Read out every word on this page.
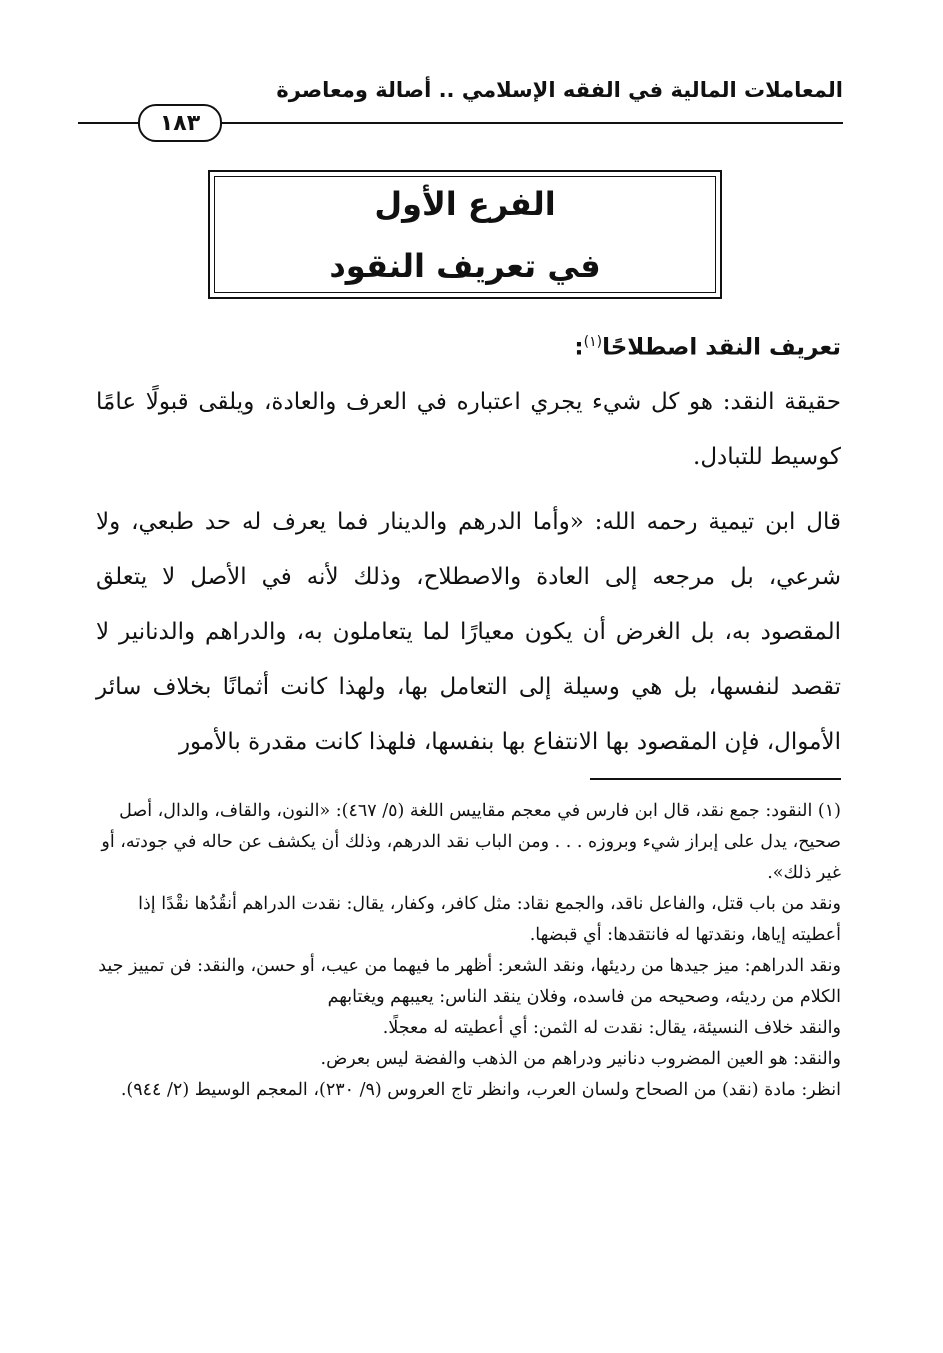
المعاملات المالية في الفقه الإسلامي .. أصالة ومعاصرة
١٨٣
الفرع الأول
في تعريف النقود
تعريف النقد اصطلاحًا$^{(١)}$:
حقيقة النقد: هو كل شيء يجري اعتباره في العرف والعادة، ويلقى قبولًا عامًا كوسيط للتبادل.
قال ابن تيمية رحمه الله: «وأما الدرهم والدينار فما يعرف له حد طبعي، ولا شرعي، بل مرجعه إلى العادة والاصطلاح، وذلك لأنه في الأصل لا يتعلق المقصود به، بل الغرض أن يكون معيارًا لما يتعاملون به، والدراهم والدنانير لا تقصد لنفسها، بل هي وسيلة إلى التعامل بها، ولهذا كانت أثمانًا بخلاف سائر الأموال، فإن المقصود بها الانتفاع بها بنفسها، فلهذا كانت مقدرة بالأمور

(١) النقود: جمع نقد، قال ابن فارس في معجم مقاييس اللغة (٥/ ٤٦٧): «النون، والقاف، والدال، أصل صحيح، يدل على إبراز شيء وبروزه . . . ومن الباب نقد الدرهم، وذلك أن يكشف عن حاله في جودته، أو غير ذلك».

ونقد من باب قتل، والفاعل ناقد، والجمع نقاد: مثل كافر، وكفار، يقال: نقدت الدراهم أنقُدُها نقْدًا إذا أعطيته إياها، ونقدتها له فانتقدها: أي قبضها.

ونقد الدراهم: ميز جيدها من رديئها، ونقد الشعر: أظهر ما فيهما من عيب، أو حسن، والنقد: فن تمييز جيد الكلام من رديئه، وصحيحه من فاسده، وفلان ينقد الناس: يعيبهم ويغتابهم

والنقد خلاف النسيئة، يقال: نقدت له الثمن: أي أعطيته له معجلًا.

والنقد: هو العين المضروب دنانير ودراهم من الذهب والفضة ليس بعرض.

انظر: مادة (نقد) من الصحاح ولسان العرب، وانظر تاج العروس (٩/ ٢٣٠)، المعجم الوسيط (٢/ ٩٤٤).
